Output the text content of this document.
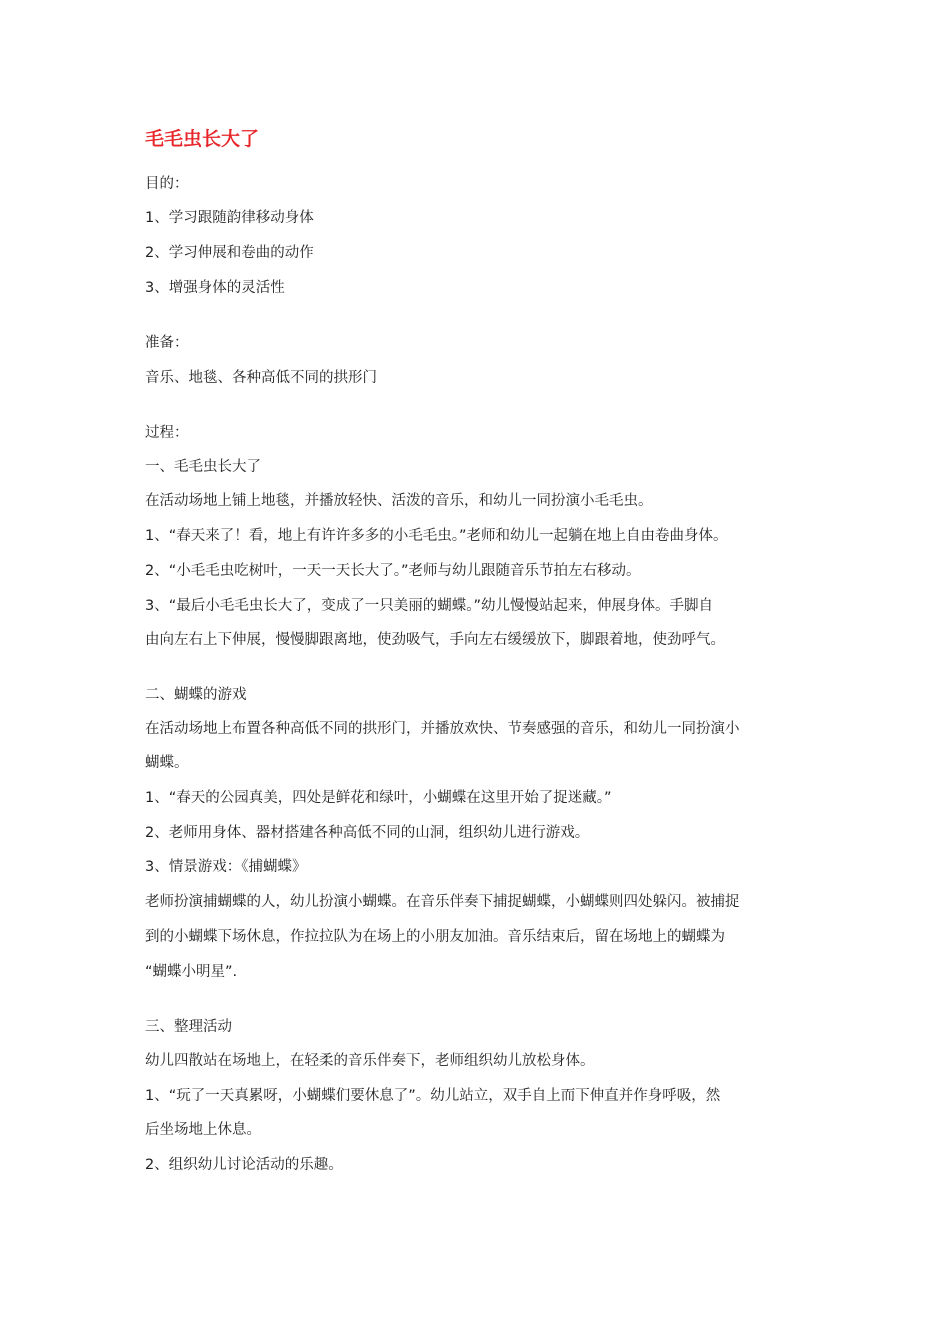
毛毛虫长大了
目的：
1、学习跟随韵律移动身体
2、学习伸展和卷曲的动作
3、增强身体的灵活性
准备：
音乐、地毯、各种高低不同的拱形门
过程：
一、毛毛虫长大了
在活动场地上铺上地毯，并播放轻快、活泼的音乐，和幼儿一同扮演小毛毛虫。
1、“春天来了！看，地上有许许多多的小毛毛虫。”老师和幼儿一起躺在地上自由卷曲身体。
2、“小毛毛虫吃树叶，一天一天长大了。”老师与幼儿跟随音乐节拍左右移动。
3、“最后小毛毛虫长大了，变成了一只美丽的蝴蝶。”幼儿慢慢站起来，伸展身体。手脚自
由向左右上下伸展，慢慢脚跟离地，使劲吸气，手向左右缓缓放下，脚跟着地，使劲呼气。
二、蝴蝶的游戏
在活动场地上布置各种高低不同的拱形门，并播放欢快、节奏感强的音乐，和幼儿一同扮演小
蝴蝶。
1、“春天的公园真美，四处是鲜花和绿叶，小蝴蝶在这里开始了捉迷藏。”
2、老师用身体、器材搭建各种高低不同的山洞，组织幼儿进行游戏。
3、情景游戏：《捕蝴蝶》
老师扮演捕蝴蝶的人，幼儿扮演小蝴蝶。在音乐伴奏下捕捉蝴蝶，小蝴蝶则四处躲闪。被捕捉
到的小蝴蝶下场休息，作拉拉队为在场上的小朋友加油。音乐结束后，留在场地上的蝴蝶为
“蝴蝶小明星”.
三、整理活动
幼儿四散站在场地上，在轻柔的音乐伴奏下，老师组织幼儿放松身体。
1、“玩了一天真累呀，小蝴蝶们要休息了”。幼儿站立，双手自上而下伸直并作身呼吸，然
后坐场地上休息。
2、组织幼儿讨论活动的乐趣。
